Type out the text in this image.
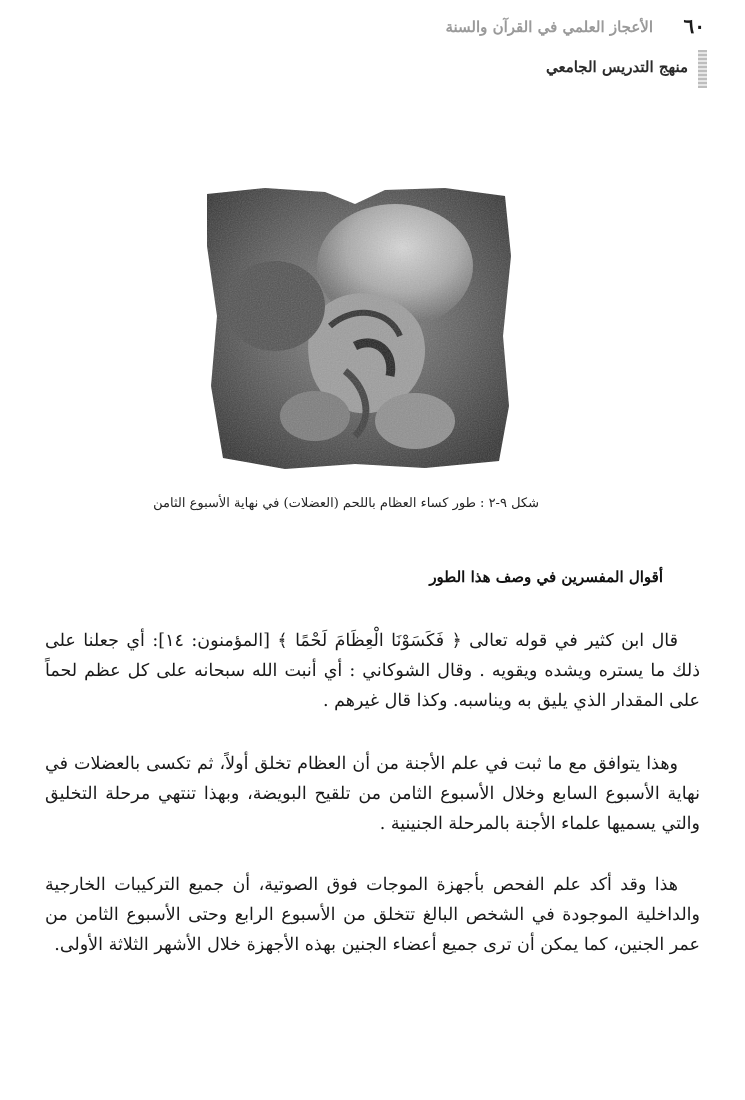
٦٠
الأعجاز العلمي في القرآن والسنة
منهج التدريس الجامعي
شكل ٩-٢ : طور كساء العظام باللحم (العضلات) في نهاية الأسبوع الثامن
أقوال المفسرين في وصف هذا الطور

قال ابن كثير في قوله تعالى ﴿ فَكَسَوْنَا الْعِظَامَ لَحْمًا ﴾ [المؤمنون: ١٤]: أي جعلنا على ذلك ما يستره ويشده ويقويه . وقال الشوكاني : أي أنبت الله سبحانه على كل عظم لحماً على المقدار الذي يليق به ويناسبه. وكذا قال غيرهم .

وهذا يتوافق مع ما ثبت في علم الأجنة من أن العظام تخلق أولاً، ثم تكسى بالعضلات في نهاية الأسبوع السابع وخلال الأسبوع الثامن من تلقيح البويضة، وبهذا تنتهي مرحلة التخليق والتي يسميها علماء الأجنة بالمرحلة الجنينية .

هذا وقد أكد علم الفحص بأجهزة الموجات فوق الصوتية، أن جميع التركيبات الخارجية والداخلية الموجودة في الشخص البالغ تتخلق من الأسبوع الرابع وحتى الأسبوع الثامن من عمر الجنين، كما يمكن أن ترى جميع أعضاء الجنين بهذه الأجهزة خلال الأشهر الثلاثة الأولى.
